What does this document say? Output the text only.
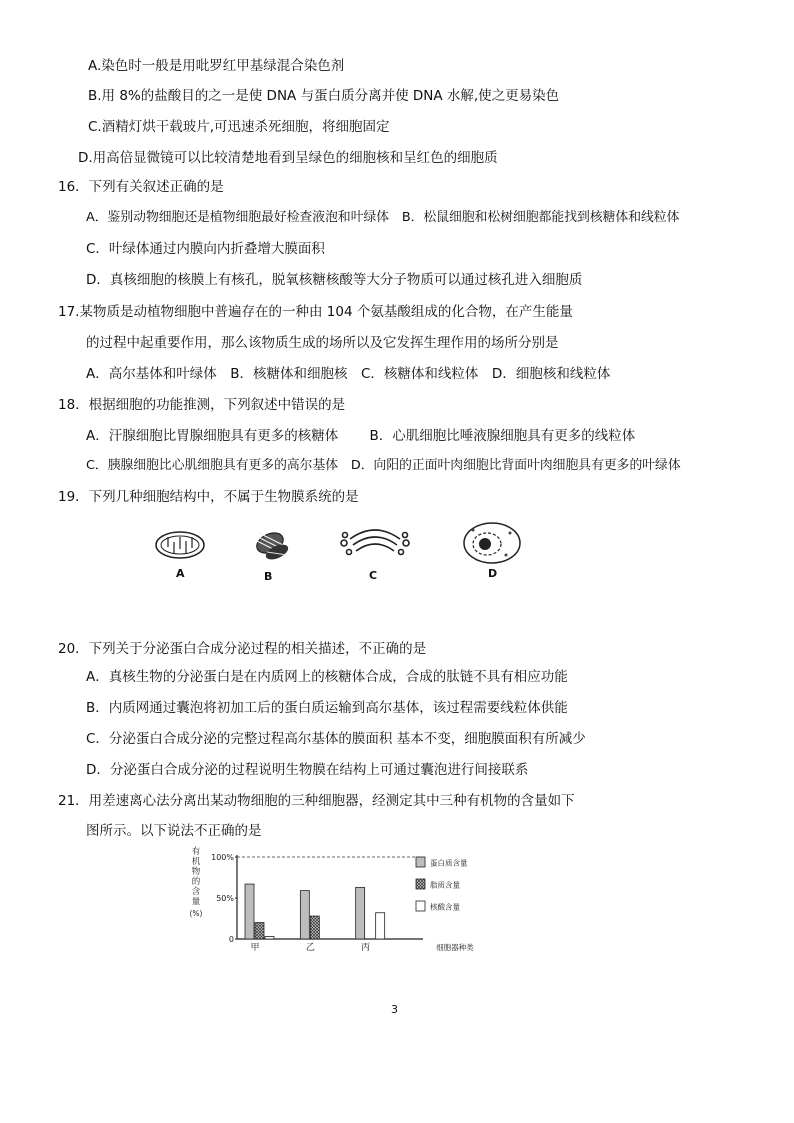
A.染色时一般是用吡罗红甲基绿混合染色剂
B.用 8%的盐酸目的之一是使 DNA 与蛋白质分离并使 DNA 水解,使之更易染色
C.酒精灯烘干载玻片,可迅速杀死细胞，将细胞固定
D.用高倍显微镜可以比较清楚地看到呈绿色的细胞核和呈红色的细胞质
16．下列有关叙述正确的是
A．鉴别动物细胞还是植物细胞最好检查液泡和叶绿体　B．松鼠细胞和松树细胞都能找到核糖体和线粒体
C．叶绿体通过内膜向内折叠增大膜面积
D．真核细胞的核膜上有核孔，脱氧核糖核酸等大分子物质可以通过核孔进入细胞质
17.某物质是动植物细胞中普遍存在的一种由 104 个氨基酸组成的化合物，在产生能量
的过程中起重要作用，那么该物质生成的场所以及它发挥生理作用的场所分别是
A．高尔基体和叶绿体　B．核糖体和细胞核　C．核糖体和线粒体　D．细胞核和线粒体
18．根据细胞的功能推测，下列叙述中错误的是
A．汗腺细胞比胃腺细胞具有更多的核糖体　　 B．心肌细胞比唾液腺细胞具有更多的线粒体
C．胰腺细胞比心肌细胞具有更多的高尔基体　D．向阳的正面叶肉细胞比背面叶肉细胞具有更多的叶绿体
19．下列几种细胞结构中，不属于生物膜系统的是
A	B	C	D
20．下列关于分泌蛋白合成分泌过程的相关描述，不正确的是
A．真核生物的分泌蛋白是在内质网上的核糖体合成，合成的肽链不具有相应功能
B．内质网通过囊泡将初加工后的蛋白质运输到高尔基体，该过程需要线粒体供能
C．分泌蛋白合成分泌的完整过程高尔基体的膜面积 基本不变，细胞膜面积有所减少
D．分泌蛋白合成分泌的过程说明生物膜在结构上可通过囊泡进行间接联系
21．用差速离心法分离出某动物细胞的三种细胞器，经测定其中三种有机物的含量如下
图所示。以下说法不正确的是
有
机
物
的
含
量
(%)
100%
50%
0
甲	乙	丙	细胞器种类
蛋白质含量
脂质含量
核酸含量
3
